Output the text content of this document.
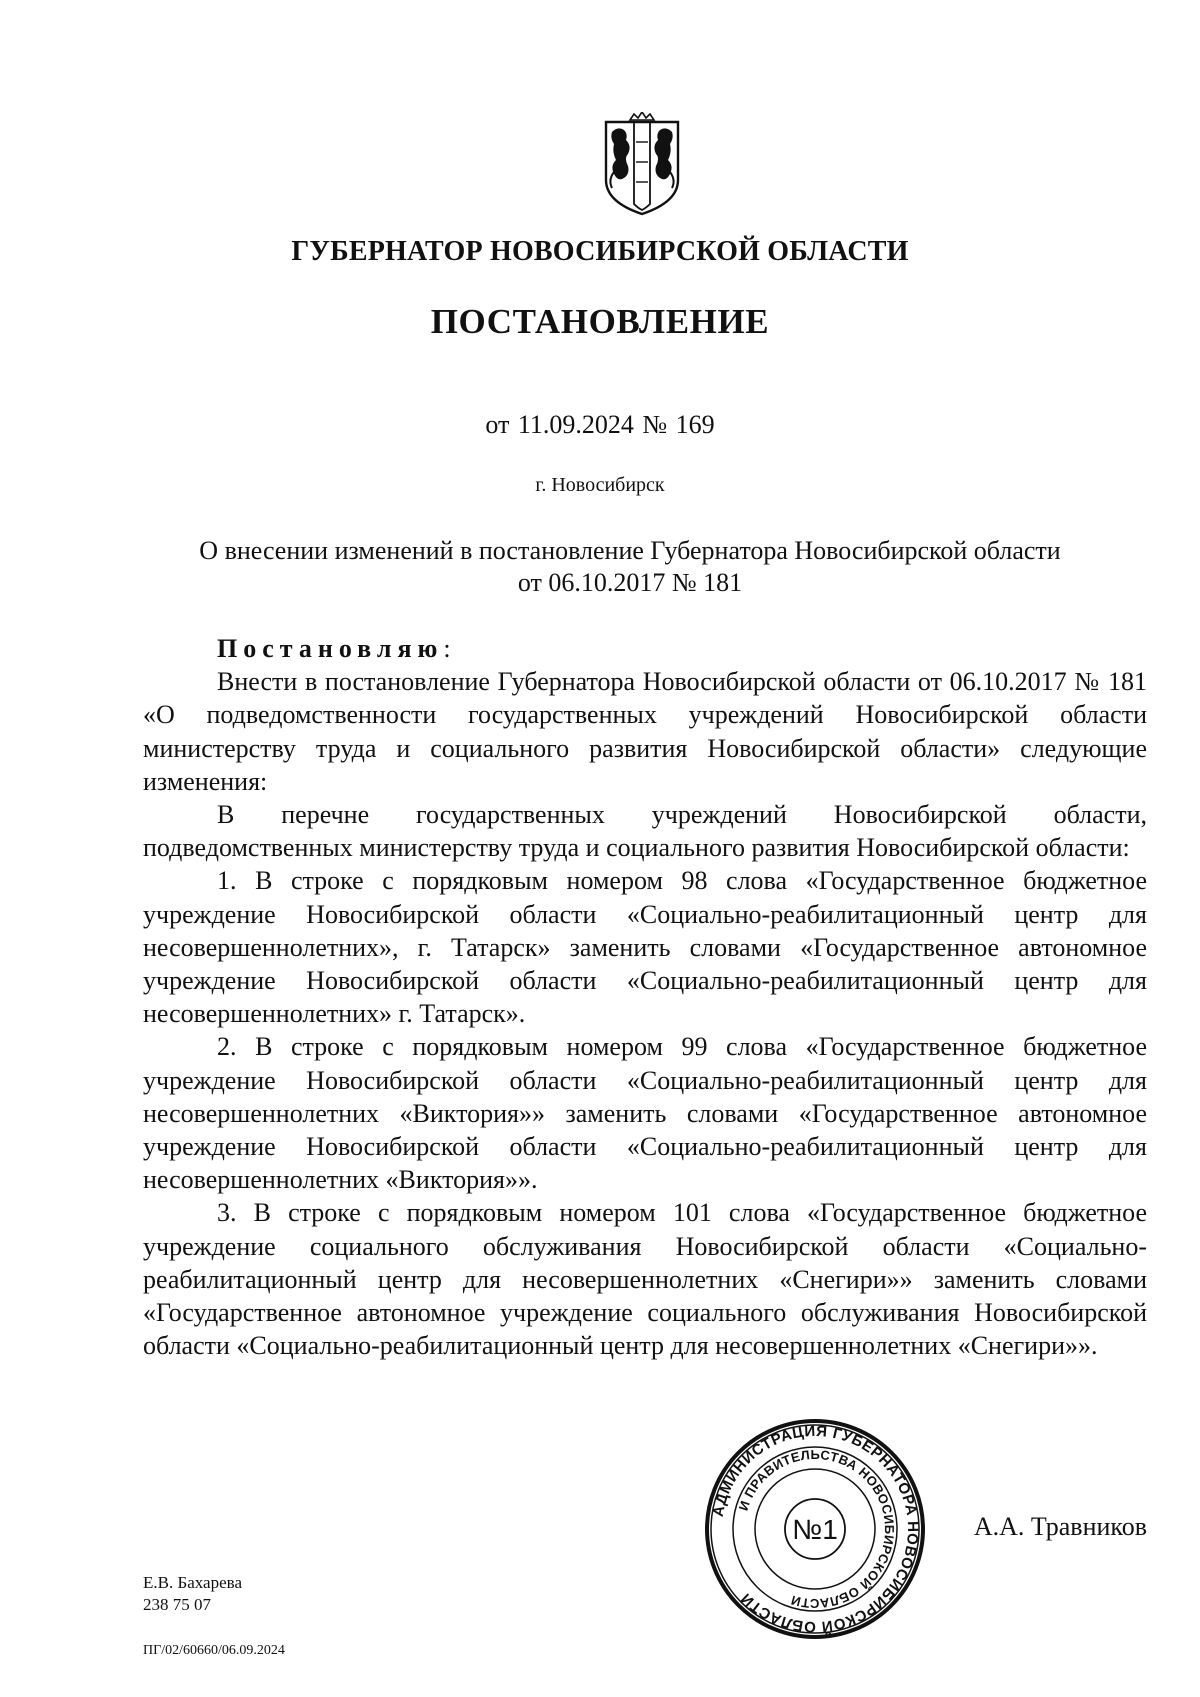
ГУБЕРНАТОР НОВОСИБИРСКОЙ ОБЛАСТИ
ПОСТАНОВЛЕНИЕ
от 11.09.2024 № 169
г. Новосибирск
О внесении изменений в постановление Губернатора Новосибирской области
от 06.10.2017 № 181

Постановляю:

Внести в постановление Губернатора Новосибирской области от 06.10.2017 № 181 «О подведомственности государственных учреждений Новосибирской области министерству труда и социального развития Новосибирской области» следующие изменения:

В перечне государственных учреждений Новосибирской области, подведомственных министерству труда и социального развития Новосибирской области:

1. В строке с порядковым номером 98 слова «Государственное бюджетное учреждение Новосибирской области «Социально-реабилитационный центр для несовершеннолетних», г. Татарск» заменить словами «Государственное автономное учреждение Новосибирской области «Социально-реабилитационный центр для несовершеннолетних» г. Татарск».

2. В строке с порядковым номером 99 слова «Государственное бюджетное учреждение Новосибирской области «Социально-реабилитационный центр для несовершеннолетних «Виктория»» заменить словами «Государственное автономное учреждение Новосибирской области «Социально-реабилитационный центр для несовершеннолетних «Виктория»».

3. В строке с порядковым номером 101 слова «Государственное бюджетное учреждение социального обслуживания Новосибирской области «Социально-реабилитационный центр для несовершеннолетних «Снегири»» заменить словами «Государственное автономное учреждение социального обслуживания Новосибирской области «Социально-реабилитационный центр для несовершеннолетних «Снегири»».

АДМИНИСТРАЦИЯ ГУБЕРНАТОРА НОВОСИБИРСКОЙ ОБЛАСТИ
И ПРАВИТЕЛЬСТВА НОВОСИБИРСКОЙ ОБЛАСТИ
№1	А.А. Травников
Е.В. Бахарева
238 75 07
ПГ/02/60660/06.09.2024
